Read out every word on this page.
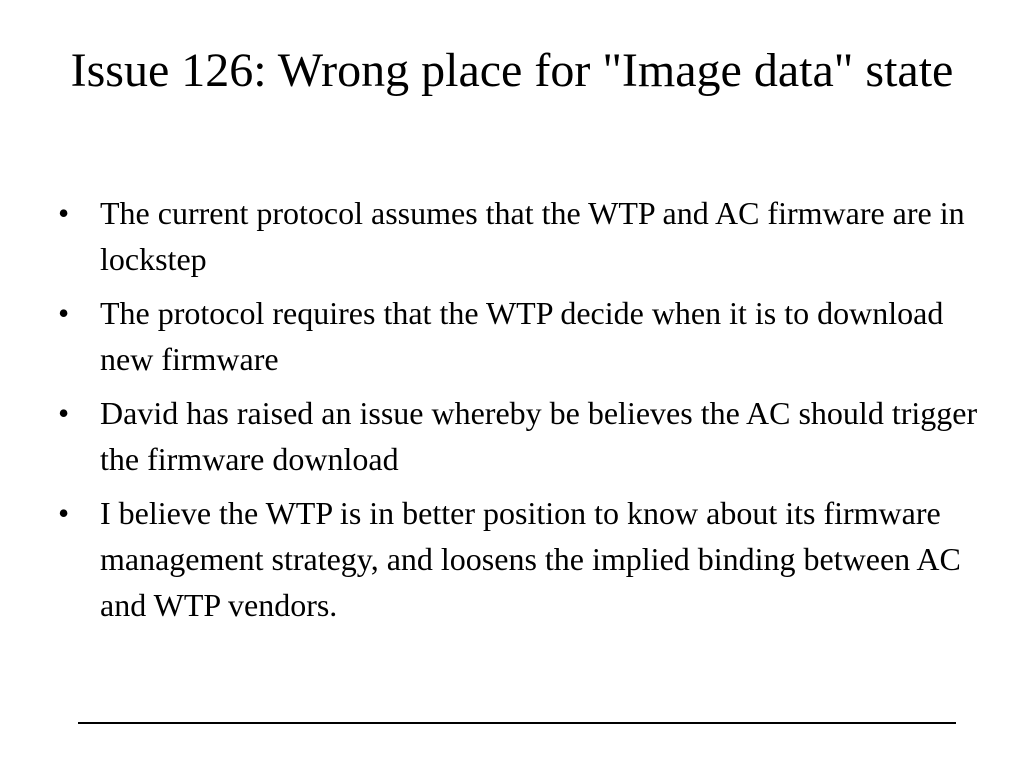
Issue 126: Wrong place for "Image data" state
• The current protocol assumes that the WTP and AC firmware are in lockstep
• The protocol requires that the WTP decide when it is to download new firmware
• David has raised an issue whereby be believes the AC should trigger the firmware download
• I believe the WTP is in better position to know about its firmware management strategy, and loosens the implied binding between AC and WTP vendors.
